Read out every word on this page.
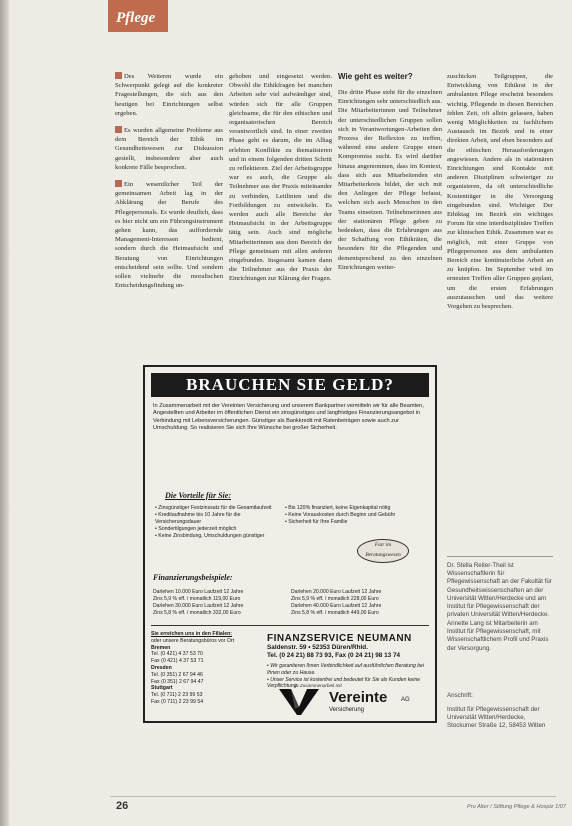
Pflege

Des Weiteren wurde ein Schwerpunkt gelegt auf die konkreter Fragestellungen, die sich aus den heutigen bei Einrichtungen selbst ergeben.

Es wurden allgemeine Probleme aus dem Bereich der Ethik im Gesundheitswesen zur Diskussion gestellt, insbesondere aber auch konkrete Fälle besprochen.

Ein wesentlicher Teil der gemeinsamen Arbeit lag in der Abklärung der Berufe des Pflegepersonals. Es wurde deutlich, dass es hier nicht um ein Führungsinstrument gehen kann, das auffordernde Management-Interessen bedient, sondern durch die Heimaufsicht und Beratung von Einrichtungen entscheidend sein sollte. Und sondern sollen vielmehr die moralischen Entscheidungsfindung un-

gehoben und eingesetzt werden. Obwohl die Ethikfragen bei manchen Arbeiten sehr viel aufwändiger sind, würden sich für alle Gruppen gleichsame, die für den ethischen und organisatorischen Bereich verantwortlich sind. In einer zweiten Phase geht es darum, die im Alltag erlebten Konflikte zu thematisieren und in einem folgenden dritten Schritt zu reflektieren. Ziel der Arbeitsgruppe war es auch, die Gruppe als Teilnehmer aus der Praxis miteinander zu verbinden, Leitlinien und die Fortbildungen zu entwickeln. Es werden auch alle Bereiche der Heimaufsicht in der Arbeitsgruppe tätig sein. Auch sind mögliche Mitarbeiterinnen aus dem Bereich der Pflege gemeinsam mit allen anderen eingebunden. Insgesamt kamen dann die Teilnehmer aus der Praxis der Einrichtungen zur Klärung der Fragen.

Wie geht es weiter?

Die dritte Phase steht für die einzelnen Einrichtungen sehr unterschiedlich aus. Die Mitarbeiterinnen und Teilnehmer der unterschiedlichen Gruppen sollen sich in Verantwortungen-Arbeiten den Prozess der Reflexion zu treffen, während eine andere Gruppe einen Kompromiss sucht. Es wird darüber hinaus angenommen, dass im Kontext, dass sich aus Mitarbeitenden ein Mitarbeiterkreis bildet, der sich mit den Anliegen der Pflege befasst, welchen sich auch Menschen in den Teams einsetzen. Teilnehmerinnen aus der stationären Pflege geben zu bedenken, dass die Erfahrungen aus der Schaffung von Ethikräten, die besonders für die Pflegenden und dementsprechend zu den einzelnen Einrichtungen weiter-

zuschicken Teilgruppen, die Entwicklung von Ethikrat in der ambulanten Pflege erscheint besonders wichtig. Pflegende in diesen Bereichen fehlen Zeit, oft allein gelassen, haben wenig Möglichkeiten zu fachlichem Austausch im Bezirk und in einer direkten Arbeit, und eben besonders auf die ethischen Herausforderungen angewiesen. Andere als in stationären Einrichtungen sind Kontakte mit anderen Disziplinen schwieriger zu organisieren, da oft unterschiedliche Kostenträger in die Versorgung eingebunden sind. Wichtiger Der Ethiktag im Bezirk ein wichtiges Forum für eine interdisziplinäre Treffen zur klinischen Ethik. Zusammen war es möglich, mit einer Gruppe von Pflegepersonen aus dem ambulanten Bereich eine kontinuierliche Arbeit an zu knüpfen. Im September wird im erneuten Treffen aller Gruppen geplant, um die ersten Erfahrungen auszutauschen und das weitere Vorgehen zu besprechen.

Dr. Stella Reiter-Theil ist Wissenschaftlerin für Pflegewissenschaft an der Fakultät für Gesundheitswissenschaften an der Universität Witten/Herdecke und am Institut für Pflegewissenschaft der privaten Universität Witten/Herdecke.
Annette Lang ist Mitarbeiterin am Institut für Pflegewissenschaft, mit Wissenschaftlichem Profil und Praxis der Versorgung.
Anschrift:
Institut für Pflegewissenschaft der Universität Witten/Herdecke, Stockumer Straße 12, 58453 Witten
BRAUCHEN SIE GELD?
In Zusammenarbeit mit der Vereinten Versicherung und unserem Bankpartner vermitteln wir für alle Beamten, Angestellten und Arbeiter im öffentlichen Dienst ein zinsgünstiges und langfristiges Finanzierungsangebot in Verbindung mit Lebensversicherungen. Günstiger als Bankkredit mit Ratenbeträgen sowie auch zur Umschuldung. So realisieren Sie sich Ihre Wünsche bei großer Sicherheit.
Die Vorteile für Sie:
• Zinsgünstiger Festzinssatz für die Gesamtlaufzeit
• Kreditaufnahme bis 10 Jahre für die Versicherungsdauer
• Sondertilgungen jederzeit möglich
• Keine Zinsbindung, Umschuldungen günstiger
• Bis 120% finanziert, keine Eigenkapital nötig
• Keine Vorauskosten durch Beginn und Gebühr
• Sicherheit für Ihre Familie
Fair im Beratungswesen
Finanzierungsbeispiele:
Darlehen 10.000 Euro Laufzeit 12 Jahre
Zins 5,9 % eff. / monatlich 119,00 Euro
Darlehen 30.000 Euro Laufzeit 12 Jahre
Zins 5,8 % eff. / monatlich 332,00 Euro
Darlehen 20.000 Euro Laufzeit 12 Jahre
Zins 5,9 % eff. / monatlich 228,00 Euro
Darlehen 40.000 Euro Laufzeit 12 Jahre
Zins 5,8 % eff. / monatlich 449,00 Euro
Sie erreichen uns in den Filialen:
oder unsere Beratungsbüros vor Ort
Bremen
Tel. (0 421) 4 37 53 70
Fax (0 421) 4 37 53 71
Dresden
Tel. (0 351) 2 67 94 46
Fax (0 351) 2 67 94 47
Stuttgart
Tel. (0 711) 2 23 99 53
Fax (0 711) 2 23 99 54
FINANZSERVICE NEUMANN
Saldenstr. 59 • 52353 Düren/Rhld.
Tel. (0 24 21) 88 73 93, Fax (0 24 21) 98 13 74
• Wir garantieren Ihnen Verbindlichkeit auf ausführlichen Beratung bei Ihnen oder zu Hause.
• Unser Service ist kostenfrei und bedeutet für Sie als Kunden keine Verpflichtung.
in Zusammenarbeit mit
Vereinte
Versicherung
AG
26	Pro Alter / Stiftung Pflege & Hospiz 1/07
